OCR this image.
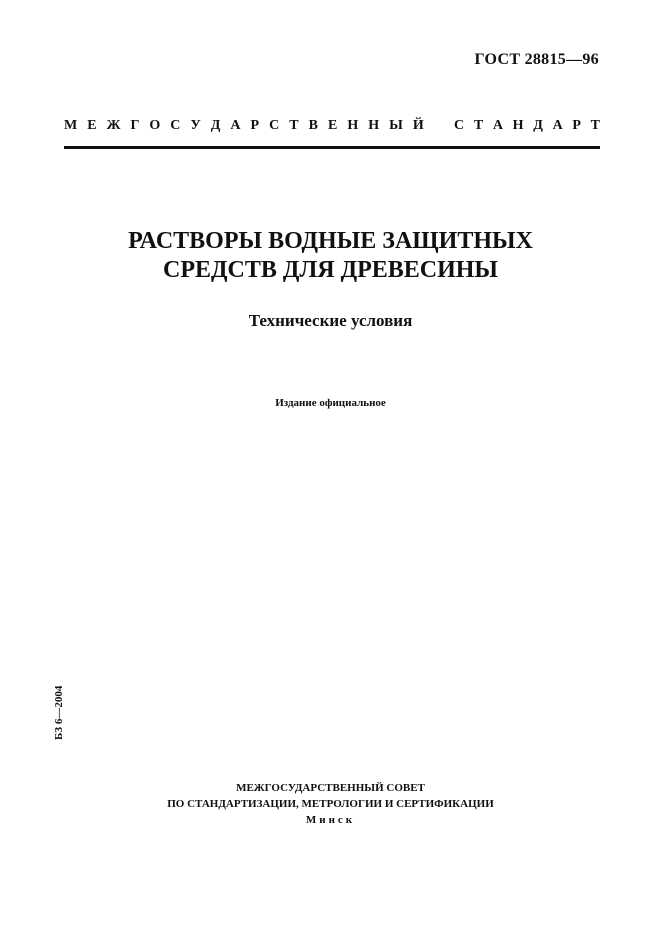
ГОСТ 28815—96
М Е Ж Г О С У Д А Р С Т В Е Н Н Ы Й С Т А Н Д А Р Т
РАСТВОРЫ ВОДНЫЕ ЗАЩИТНЫХ
СРЕДСТВ ДЛЯ ДРЕВЕСИНЫ
Технические условия
Издание официальное
БЗ 6—2004
МЕЖГОСУДАРСТВЕННЫЙ СОВЕТ
ПО СТАНДАРТИЗАЦИИ, МЕТРОЛОГИИ И СЕРТИФИКАЦИИ
Минск
